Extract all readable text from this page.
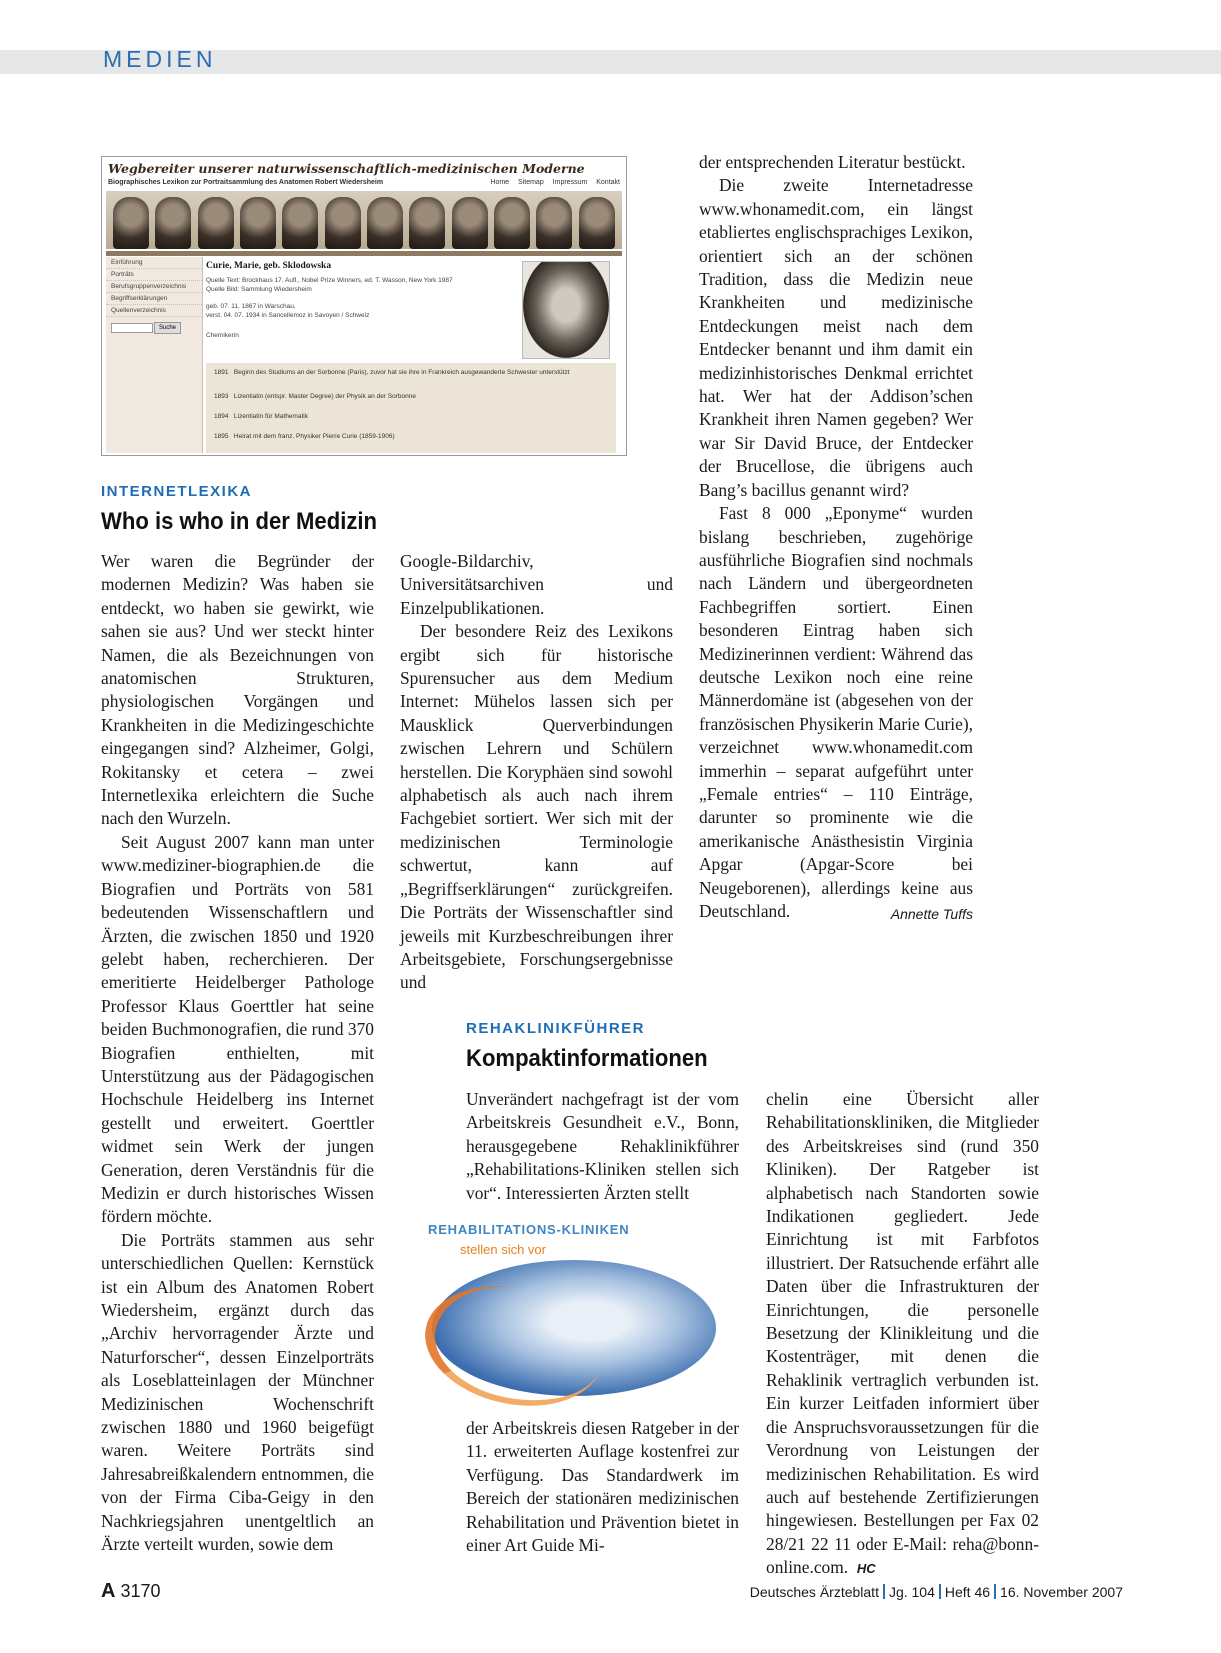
MEDIEN
Wegbereiter unserer naturwissenschaftlich-medizinischen Moderne
Biographisches Lexikon zur Portraitsammlung des Anatomen Robert Wiedersheim	Home Sitemap Impressum Kontakt
Einführung
Porträts
Berufsgruppenverzeichnis
Begriffserklärungen
Quellenverzeichnis
Suche
Curie, Marie, geb. Sklodowska
Quelle Text: Brockhaus 17. Aufl., Nobel Prize Winners, ed. T. Wasson, New York 1987
Quelle Bild: Sammlung Wiedersheim
geb. 07. 11. 1867 in Warschau,
verst. 04. 07. 1934 in Sancellemoz in Savoyen / Schweiz
Chemikerin
1891 Beginn des Studiums an der Sorbonne (Paris), zuvor hat sie ihre in Frankreich ausgewanderte Schwester unterstützt
1893 Lizentiatin (entspr. Master Degree) der Physik an der Sorbonne
1894 Lizentiatin für Mathematik
1895 Heirat mit dem franz. Physiker Pierre Curie (1859-1906)
INTERNETLEXIKA
Who is who in der Medizin

Wer waren die Begründer der modernen Medizin? Was haben sie entdeckt, wo haben sie gewirkt, wie sahen sie aus? Und wer steckt hinter Namen, die als Bezeichnungen von anatomischen Strukturen, physiologischen Vorgängen und Krankheiten in die Medizingeschichte eingegangen sind? Alzheimer, Golgi, Rokitansky et cetera – zwei Internetlexika erleichtern die Suche nach den Wurzeln.

Seit August 2007 kann man unter www.mediziner-biographien.de die Biografien und Porträts von 581 bedeutenden Wissenschaftlern und Ärzten, die zwischen 1850 und 1920 gelebt haben, recherchieren. Der emeritierte Heidelberger Pathologe Professor Klaus Goerttler hat seine beiden Buchmonografien, die rund 370 Biografien enthielten, mit Unterstützung aus der Pädagogischen Hochschule Heidelberg ins Internet gestellt und erweitert. Goerttler widmet sein Werk der jungen Generation, deren Verständnis für die Medizin er durch historisches Wissen fördern möchte.

Die Porträts stammen aus sehr unterschiedlichen Quellen: Kernstück ist ein Album des Anatomen Robert Wiedersheim, ergänzt durch das „Archiv hervorragender Ärzte und Naturforscher“, dessen Einzelporträts als Loseblatteinlagen der Münchner Medizinischen Wochenschrift zwischen 1880 und 1960 beigefügt waren. Weitere Porträts sind Jahresabreißkalendern entnommen, die von der Firma Ciba-Geigy in den Nachkriegsjahren unentgeltlich an Ärzte verteilt wurden, sowie dem

Google-Bildarchiv, Universitätsarchiven und Einzelpublikationen.

Der besondere Reiz des Lexikons ergibt sich für historische Spurensucher aus dem Medium Internet: Mühelos lassen sich per Mausklick Querverbindungen zwischen Lehrern und Schülern herstellen. Die Koryphäen sind sowohl alphabetisch als auch nach ihrem Fachgebiet sortiert. Wer sich mit der medizinischen Terminologie schwertut, kann auf „Begriffserklärungen“ zurückgreifen. Die Porträts der Wissenschaftler sind jeweils mit Kurzbeschreibungen ihrer Arbeitsgebiete, Forschungsergebnisse und

der entsprechenden Literatur bestückt.

Die zweite Internetadresse www.whonamedit.com, ein längst etabliertes englischsprachiges Lexikon, orientiert sich an der schönen Tradition, dass die Medizin neue Krankheiten und medizinische Entdeckungen meist nach dem Entdecker benannt und ihm damit ein medizinhistorisches Denkmal errichtet hat. Wer hat der Addison’schen Krankheit ihren Namen gegeben? Wer war Sir David Bruce, der Entdecker der Brucellose, die übrigens auch Bang’s bacillus genannt wird?

Fast 8 000 „Eponyme“ wurden bislang beschrieben, zugehörige ausführliche Biografien sind nochmals nach Ländern und übergeordneten Fachbegriffen sortiert. Einen besonderen Eintrag haben sich Medizinerinnen verdient: Während das deutsche Lexikon noch eine reine Männerdomäne ist (abgesehen von der französischen Physikerin Marie Curie), verzeichnet www.whonamedit.com immerhin – separat aufgeführt unter „Female entries“ – 110 Einträge, darunter so prominente wie die amerikanische Anästhesistin Virginia Apgar (Apgar-Score bei Neugeborenen), allerdings keine aus Deutschland.	Annette Tuffs

REHAKLINIKFÜHRER
Kompaktinformationen

Unverändert nachgefragt ist der vom Arbeitskreis Gesundheit e.V., Bonn, herausgegebene Rehaklinikführer „Rehabilitations-Kliniken stellen sich vor“. Interessierten Ärzten stellt

REHABILITATIONS-KLINIKEN
stellen sich vor

der Arbeitskreis diesen Ratgeber in der 11. erweiterten Auflage kostenfrei zur Verfügung. Das Standardwerk im Bereich der stationären medizinischen Rehabilitation und Prävention bietet in einer Art Guide Mi-

chelin eine Übersicht aller Rehabilitationskliniken, die Mitglieder des Arbeitskreises sind (rund 350 Kliniken). Der Ratgeber ist alphabetisch nach Standorten sowie Indikationen gegliedert. Jede Einrichtung ist mit Farbfotos illustriert. Der Ratsuchende erfährt alle Daten über die Infrastrukturen der Einrichtungen, die personelle Besetzung der Klinikleitung und die Kostenträger, mit denen die Rehaklinik vertraglich verbunden ist. Ein kurzer Leitfaden informiert über die Anspruchsvoraussetzungen für die Verordnung von Leistungen der medizinischen Rehabilitation. Es wird auch auf bestehende Zertifizierungen hingewiesen. Bestellungen per Fax 02 28/21 22 11 oder E-Mail: reha@bonn-online.com. HC

A 3170	Deutsches Ärzteblatt Jg. 104 Heft 46 16. November 2007
